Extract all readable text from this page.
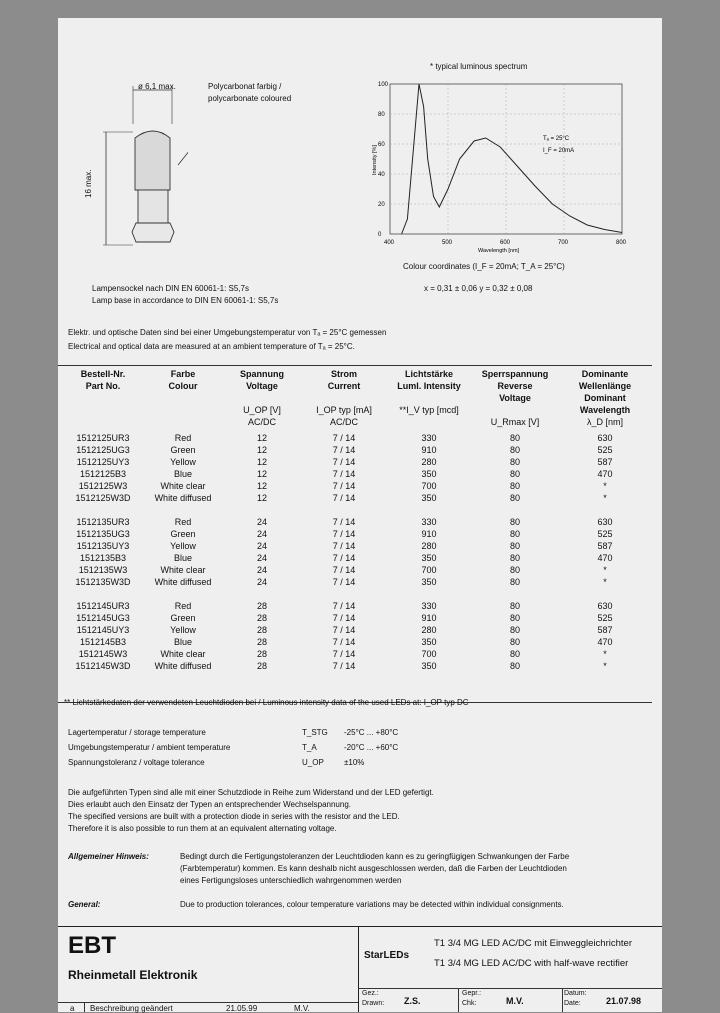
ø 6,1 max.
16 max.
Polycarbonat farbig /
polycarbonate coloured
Lampensockel nach DIN EN 60061-1: S5,7s
Lamp base in accordance to DIN EN 60061-1: S5,7s
* typical luminous spectrum
100
80
60
40
20
0
400	500	600	700	800
Intensity [%]
Wavelength [nm]
Tₐ = 25°C
I_F = 20mA
Colour coordinates (I_F = 20mA; T_A = 25°C)
x = 0,31 ± 0,06 y = 0,32 ± 0,08
Elektr. und optische Daten sind bei einer Umgebungstemperatur von Tₐ = 25°C gemessen
Electrical and optical data are measured at an ambient temperature of Tₐ = 25°C.
Bestell-Nr.	Farbe	Spannung	Strom	Lichtstärke	Sperrspannung	Dominante
Part No.	Colour	Voltage	Current	Luml. Intensity	Reverse	Wellenlänge
					Voltage	Dominant
		U_OP [V]	I_OP typ [mA]	**I_V typ [mcd]		Wavelength
		AC/DC	AC/DC		U_Rmax [V]	λ_D [nm]

1512125UR3	Red	12	7 / 14	330	80	630
1512125UG3	Green	12	7 / 14	910	80	525
1512125UY3	Yellow	12	7 / 14	280	80	587
1512125B3	Blue	12	7 / 14	350	80	470
1512125W3	White clear	12	7 / 14	700	80	*
1512125W3D	White diffused	12	7 / 14	350	80	*

1512135UR3	Red	24	7 / 14	330	80	630
1512135UG3	Green	24	7 / 14	910	80	525
1512135UY3	Yellow	24	7 / 14	280	80	587
1512135B3	Blue	24	7 / 14	350	80	470
1512135W3	White clear	24	7 / 14	700	80	*
1512135W3D	White diffused	24	7 / 14	350	80	*

1512145UR3	Red	28	7 / 14	330	80	630
1512145UG3	Green	28	7 / 14	910	80	525
1512145UY3	Yellow	28	7 / 14	280	80	587
1512145B3	Blue	28	7 / 14	350	80	470
1512145W3	White clear	28	7 / 14	700	80	*
1512145W3D	White diffused	28	7 / 14	350	80	*
** Lichtstärkedaten der verwendeten Leuchtdioden bei / Luminous intensity data of the used LEDs at: I_OP typ DC
Lagertemperatur / storage temperature	T_STG -25°C ... +80°C
Umgebungstemperatur / ambient temperature	T_A	-20°C ... +60°C
Spannungstoleranz / voltage tolerance	U_OP	±10%
Die aufgeführten Typen sind alle mit einer Schutzdiode in Reihe zum Widerstand und der LED gefertigt.
Dies erlaubt auch den Einsatz der Typen an entsprechender Wechselspannung.
The specified versions are built with a protection diode in series with the resistor and the LED.
Therefore it is also possible to run them at an equivalent alternating voltage.
Allgemeiner Hinweis:	Bedingt durch die Fertigungstoleranzen der Leuchtdioden kann es zu geringfügigen Schwankungen der Farbe
(Farbtemperatur) kommen. Es kann deshalb nicht ausgeschlossen werden, daß die Farben der Leuchtdioden
eines Fertigungsloses unterschiedlich wahrgenommen werden
General:	Due to production tolerances, colour temperature variations may be detected within individual consignments.
EBT
Rheinmetall Elektronik
StarLEDs
T1 3/4 MG LED AC/DC mit Einweggleichrichter
T1 3/4 MG LED AC/DC with half-wave rectifier
Gez.:
Drawn: Z.S.
Gepr.:
Chk:	M.V.
Datum:
Date:	21.07.98
a Beschreibung geändert	21.05.99	M.V.
